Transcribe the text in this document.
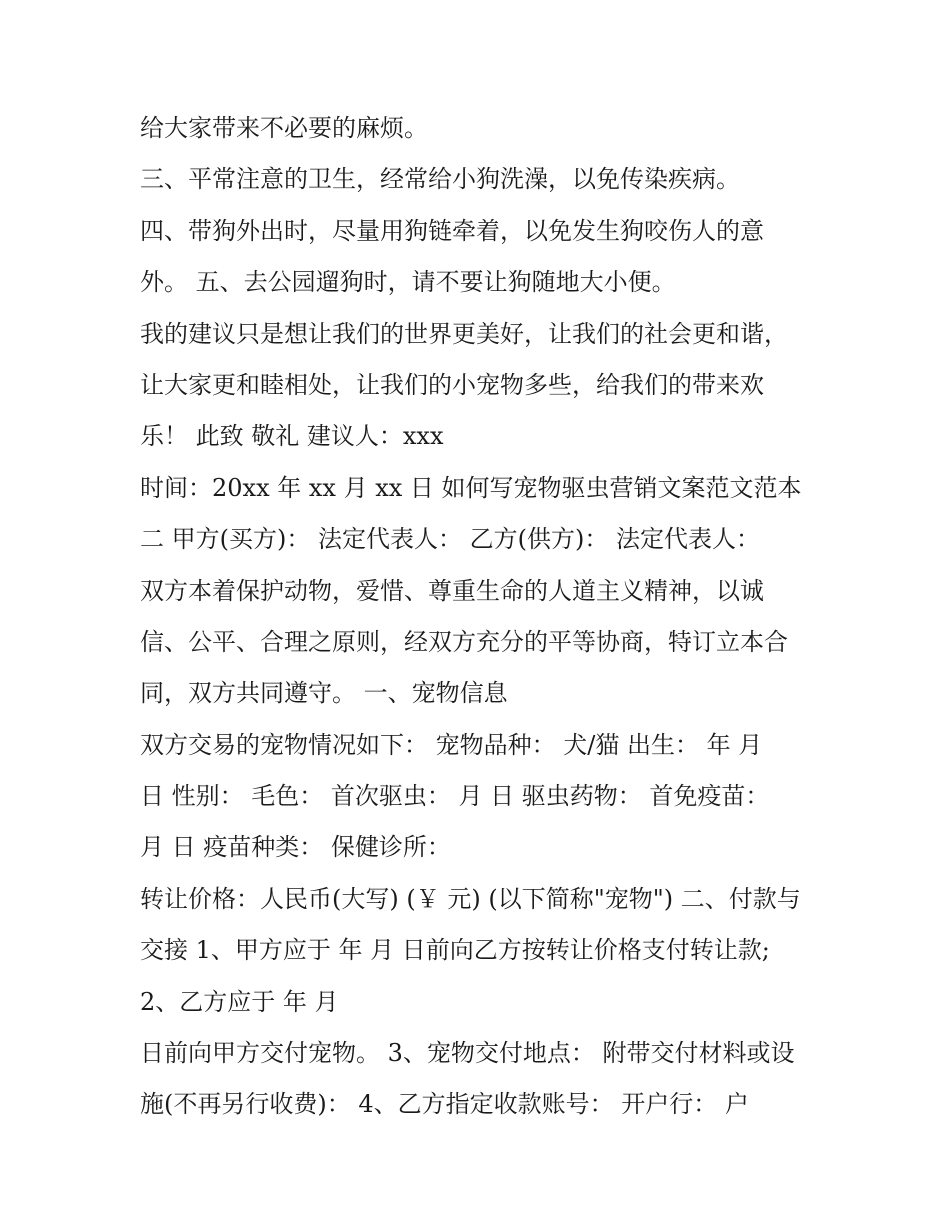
给大家带来不必要的麻烦。
三、平常注意的卫生，经常给小狗洗澡，以免传染疾病。
四、带狗外出时，尽量用狗链牵着，以免发生狗咬伤人的意
外。 五、去公园遛狗时，请不要让狗随地大小便。
我的建议只是想让我们的世界更美好，让我们的社会更和谐，
让大家更和睦相处，让我们的小宠物多些，给我们的带来欢
乐！ 此致 敬礼 建议人：xxx
时间：20xx 年 xx 月 xx 日 如何写宠物驱虫营销文案范文范本
二 甲方(买方)： 法定代表人： 乙方(供方)： 法定代表人：
双方本着保护动物，爱惜、尊重生命的人道主义精神，以诚
信、公平、合理之原则，经双方充分的平等协商，特订立本合
同，双方共同遵守。 一、宠物信息
双方交易的宠物情况如下： 宠物品种： 犬/猫 出生： 年 月
日 性别： 毛色： 首次驱虫： 月 日 驱虫药物： 首免疫苗：
月 日 疫苗种类： 保健诊所：
转让价格：人民币(大写) (￥ 元) (以下简称"宠物") 二、付款与
交接 1、甲方应于 年 月 日前向乙方按转让价格支付转让款;
2、乙方应于 年 月
日前向甲方交付宠物。 3、宠物交付地点： 附带交付材料或设
施(不再另行收费)： 4、乙方指定收款账号： 开户行： 户
